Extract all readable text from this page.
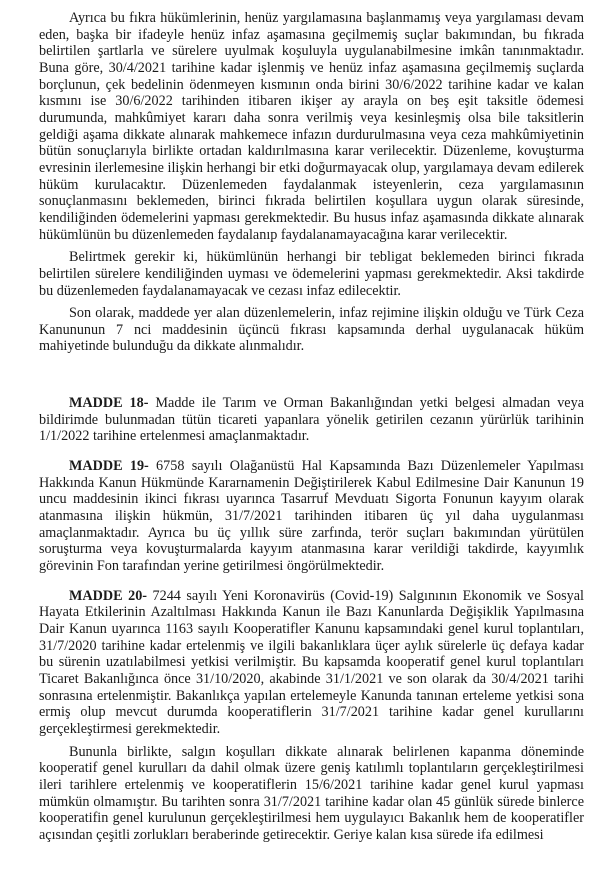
Ayrıca bu fıkra hükümlerinin, henüz yargılamasına başlanmamış veya yargılaması devam eden, başka bir ifadeyle henüz infaz aşamasına geçilmemiş suçlar bakımından, bu fıkrada belirtilen şartlarla ve sürelere uyulmak koşuluyla uygulanabilmesine imkân tanınmaktadır. Buna göre, 30/4/2021 tarihine kadar işlenmiş ve henüz infaz aşamasına geçilmemiş suçlarda borçlunun, çek bedelinin ödenmeyen kısmının onda birini 30/6/2022 tarihine kadar ve kalan kısmını ise 30/6/2022 tarihinden itibaren ikişer ay arayla on beş eşit taksitle ödemesi durumunda, mahkûmiyet kararı daha sonra verilmiş veya kesinleşmiş olsa bile taksitlerin geldiği aşama dikkate alınarak mahkemece infazın durdurulmasına veya ceza mahkûmiyetinin bütün sonuçlarıyla birlikte ortadan kaldırılmasına karar verilecektir. Düzenleme, kovuşturma evresinin ilerlemesine ilişkin herhangi bir etki doğurmayacak olup, yargılamaya devam edilerek hüküm kurulacaktır. Düzenlemeden faydalanmak isteyenlerin, ceza yargılamasının sonuçlanmasını beklemeden, birinci fıkrada belirtilen koşullara uygun olarak süresinde, kendiliğinden ödemelerini yapması gerekmektedir. Bu husus infaz aşamasında dikkate alınarak hükümlünün bu düzenlemeden faydalanıp faydalanamayacağına karar verilecektir.

Belirtmek gerekir ki, hükümlünün herhangi bir tebligat beklemeden birinci fıkrada belirtilen sürelere kendiliğinden uyması ve ödemelerini yapması gerekmektedir. Aksi takdirde bu düzenlemeden faydalanamayacak ve cezası infaz edilecektir.

Son olarak, maddede yer alan düzenlemelerin, infaz rejimine ilişkin olduğu ve Türk Ceza Kanununun 7 nci maddesinin üçüncü fıkrası kapsamında derhal uygulanacak hüküm mahiyetinde bulunduğu da dikkate alınmalıdır.

MADDE 18- Madde ile Tarım ve Orman Bakanlığından yetki belgesi almadan veya bildirimde bulunmadan tütün ticareti yapanlara yönelik getirilen cezanın yürürlük tarihinin 1/1/2022 tarihine ertelenmesi amaçlanmaktadır.

MADDE 19- 6758 sayılı Olağanüstü Hal Kapsamında Bazı Düzenlemeler Yapılması Hakkında Kanun Hükmünde Kararnamenin Değiştirilerek Kabul Edilmesine Dair Kanunun 19 uncu maddesinin ikinci fıkrası uyarınca Tasarruf Mevduatı Sigorta Fonunun kayyım olarak atanmasına ilişkin hükmün, 31/7/2021 tarihinden itibaren üç yıl daha uygulanması amaçlanmaktadır. Ayrıca bu üç yıllık süre zarfında, terör suçları bakımından yürütülen soruşturma veya kovuşturmalarda kayyım atanmasına karar verildiği takdirde, kayyımlık görevinin Fon tarafından yerine getirilmesi öngörülmektedir.

MADDE 20- 7244 sayılı Yeni Koronavirüs (Covid-19) Salgınının Ekonomik ve Sosyal Hayata Etkilerinin Azaltılması Hakkında Kanun ile Bazı Kanunlarda Değişiklik Yapılmasına Dair Kanun uyarınca 1163 sayılı Kooperatifler Kanunu kapsamındaki genel kurul toplantıları, 31/7/2020 tarihine kadar ertelenmiş ve ilgili bakanlıklara üçer aylık sürelerle üç defaya kadar bu sürenin uzatılabilmesi yetkisi verilmiştir. Bu kapsamda kooperatif genel kurul toplantıları Ticaret Bakanlığınca önce 31/10/2020, akabinde 31/1/2021 ve son olarak da 30/4/2021 tarihi sonrasına ertelenmiştir. Bakanlıkça yapılan ertelemeyle Kanunda tanınan erteleme yetkisi sona ermiş olup mevcut durumda kooperatiflerin 31/7/2021 tarihine kadar genel kurullarını gerçekleştirmesi gerekmektedir.

Bununla birlikte, salgın koşulları dikkate alınarak belirlenen kapanma döneminde kooperatif genel kurulları da dahil olmak üzere geniş katılımlı toplantıların gerçekleştirilmesi ileri tarihlere ertelenmiş ve kooperatiflerin 15/6/2021 tarihine kadar genel kurul yapması mümkün olmamıştır. Bu tarihten sonra 31/7/2021 tarihine kadar olan 45 günlük sürede binlerce kooperatifin genel kurulunun gerçekleştirilmesi hem uygulayıcı Bakanlık hem de kooperatifler açısından çeşitli zorlukları beraberinde getirecektir. Geriye kalan kısa sürede ifa edilmesi
